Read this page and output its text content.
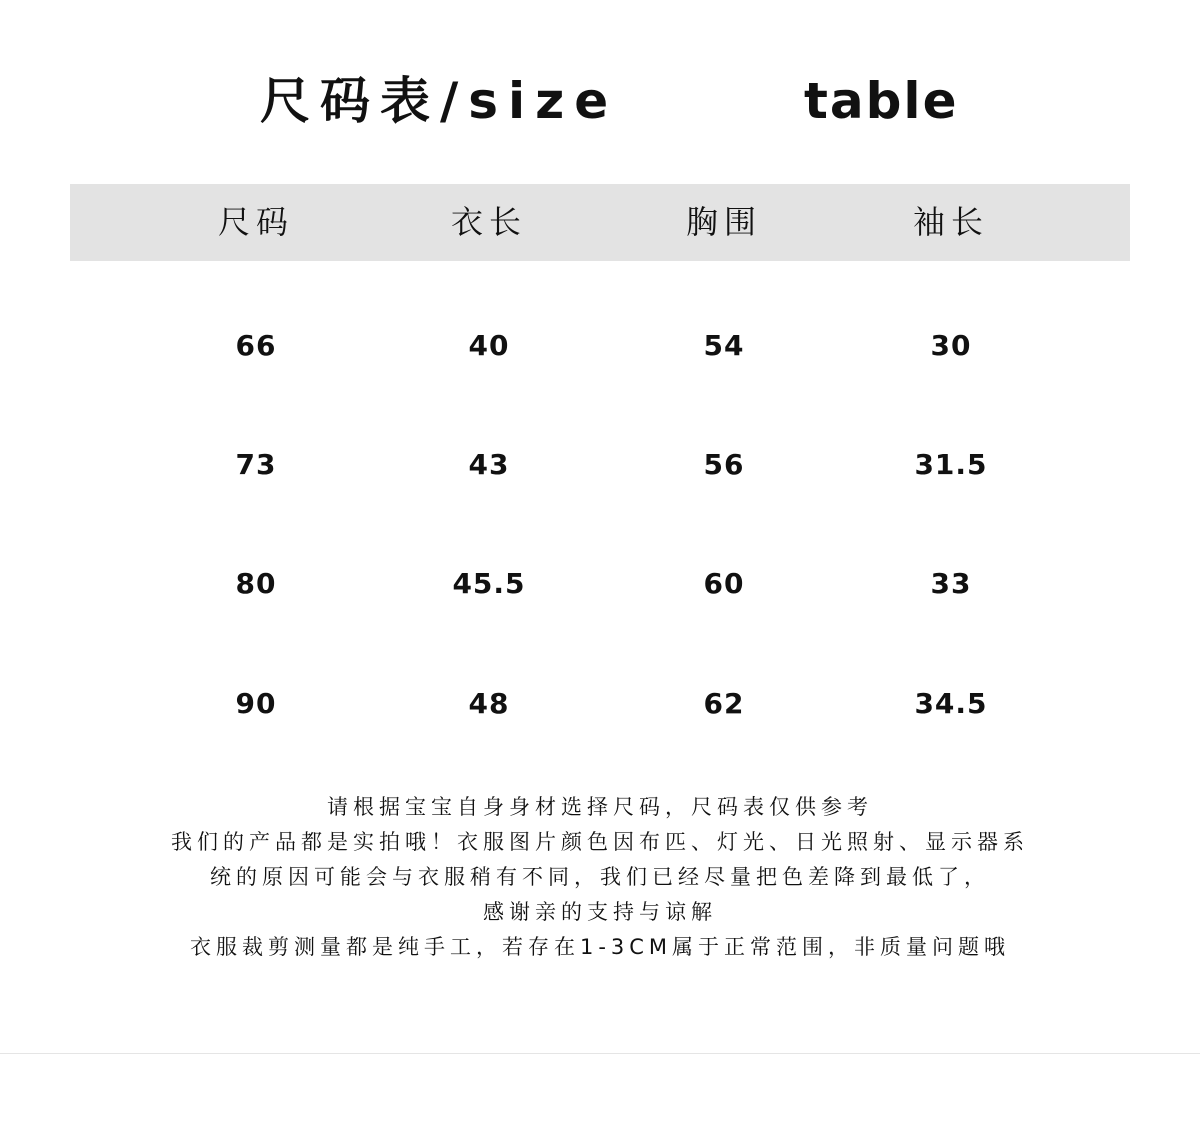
尺码表/size	table
尺码	衣长	胸围	袖长
66	40	54	30
73	43	56	31.5
80	45.5	60	33
90	48	62	34.5
请根据宝宝自身身材选择尺码，尺码表仅供参考
我们的产品都是实拍哦！衣服图片颜色因布匹、灯光、日光照射、显示器系
统的原因可能会与衣服稍有不同，我们已经尽量把色差降到最低了，
感谢亲的支持与谅解
衣服裁剪测量都是纯手工，若存在1-3CM属于正常范围，非质量问题哦
